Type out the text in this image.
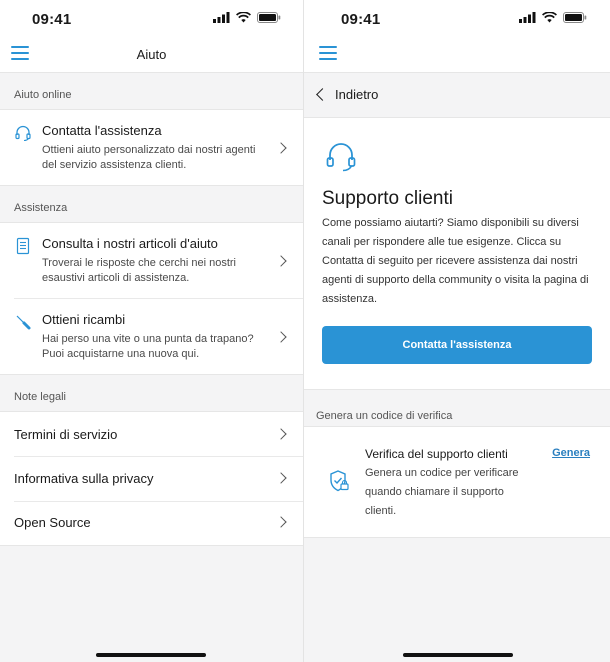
09:41
Aiuto
Aiuto online
Contatta l'assistenza
Ottieni aiuto personalizzato dai nostri agenti del servizio assistenza clienti.
Assistenza
Consulta i nostri articoli d'aiuto
Troverai le risposte che cerchi nei nostri esaustivi articoli di assistenza.
Ottieni ricambi
Hai perso una vite o una punta da trapano? Puoi acquistarne una nuova qui.
Note legali
Termini di servizio
Informativa sulla privacy
Open Source
09:41
Indietro
Supporto clienti
Come possiamo aiutarti? Siamo disponibili su diversi canali per rispondere alle tue esigenze. Clicca su Contatta di seguito per ricevere assistenza dai nostri agenti di supporto della community o visita la pagina di assistenza.
Contatta l'assistenza
Genera un codice di verifica
Verifica del supporto clienti	Genera
Genera un codice per verificare quando chiamare il supporto clienti.
